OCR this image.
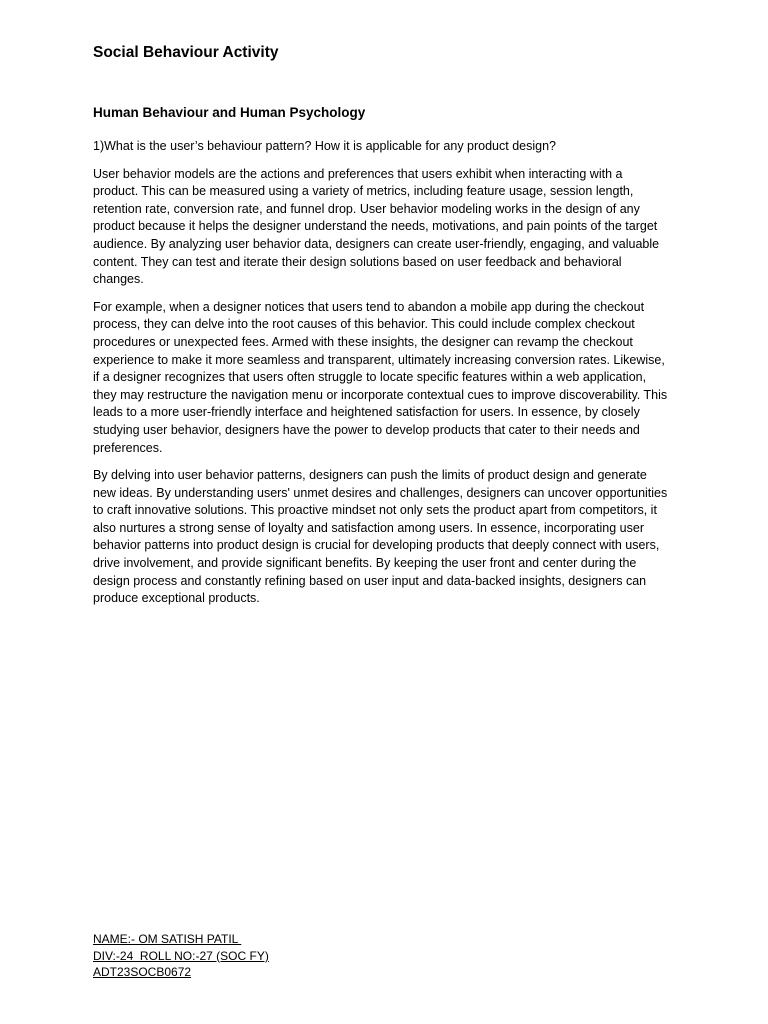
Social Behaviour Activity
Human Behaviour and Human Psychology

1)What is the user’s behaviour pattern? How it is applicable for any product design?

User behavior models are the actions and preferences that users exhibit when interacting with a product. This can be measured using a variety of metrics, including feature usage, session length, retention rate, conversion rate, and funnel drop. User behavior modeling works in the design of any product because it helps the designer understand the needs, motivations, and pain points of the target audience. By analyzing user behavior data, designers can create user-friendly, engaging, and valuable content. They can test and iterate their design solutions based on user feedback and behavioral changes.

For example, when a designer notices that users tend to abandon a mobile app during the checkout process, they can delve into the root causes of this behavior. This could include complex checkout procedures or unexpected fees. Armed with these insights, the designer can revamp the checkout experience to make it more seamless and transparent, ultimately increasing conversion rates. Likewise, if a designer recognizes that users often struggle to locate specific features within a web application, they may restructure the navigation menu or incorporate contextual cues to improve discoverability. This leads to a more user-friendly interface and heightened satisfaction for users. In essence, by closely studying user behavior, designers have the power to develop products that cater to their needs and preferences.

By delving into user behavior patterns, designers can push the limits of product design and generate new ideas. By understanding users' unmet desires and challenges, designers can uncover opportunities to craft innovative solutions. This proactive mindset not only sets the product apart from competitors, it also nurtures a strong sense of loyalty and satisfaction among users. In essence, incorporating user behavior patterns into product design is crucial for developing products that deeply connect with users, drive involvement, and provide significant benefits. By keeping the user front and center during the design process and constantly refining based on user input and data-backed insights, designers can produce exceptional products.

NAME:- OM SATISH PATIL
DIV:-24  ROLL NO:-27 (SOC FY)
ADT23SOCB0672
